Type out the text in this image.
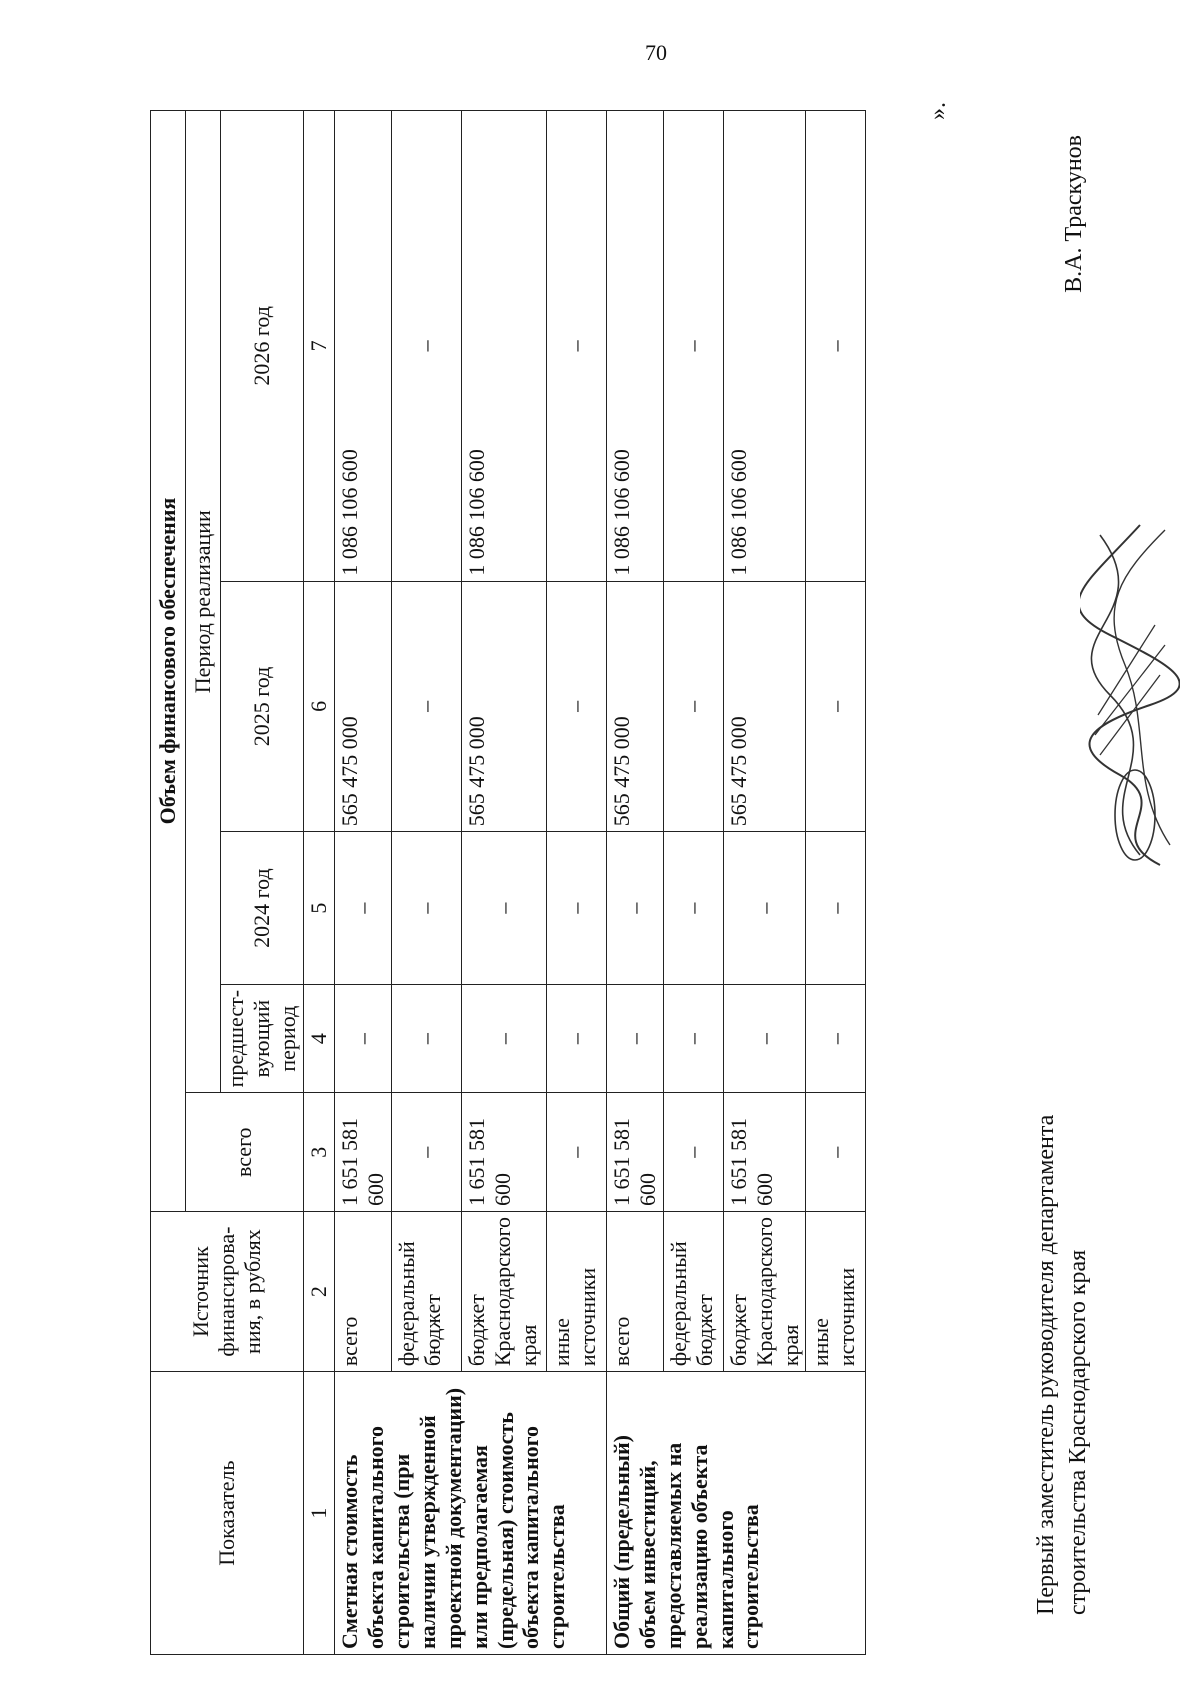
70
Показатель	Источник финансирова-ния, в рублях	Объем финансового обеспечения				
		всего	Период реализации			
			предшест-вующий период	2024 год	2025 год	2026 год
1	2	3	4	5	6	7
Сметная стоимость объекта капитального строительства (при наличии утвержденной проектной документации) или предполагаемая (предельная) стоимость объекта капитального строительства	всего	1 651 581 600	–	–	565 475 000	1 086 106 600
	федеральный бюджет	–	–	–	–	–
	бюджет Краснодарского края	1 651 581 600	–	–	565 475 000	1 086 106 600
	иные источники	–	–	–	–	–
Общий (предельный) объем инвестиций, предоставляемых на реализацию объекта капитального строительства	всего	1 651 581 600	–	–	565 475 000	1 086 106 600
	федеральный бюджет	–	–	–	–	–
	бюджет Краснодарского края	1 651 581 600	–	–	565 475 000	1 086 106 600
	иные источники	–	–	–	–	–
».
Первый заместитель руководителя департамента строительства Краснодарского края
В.А. Траскунов
